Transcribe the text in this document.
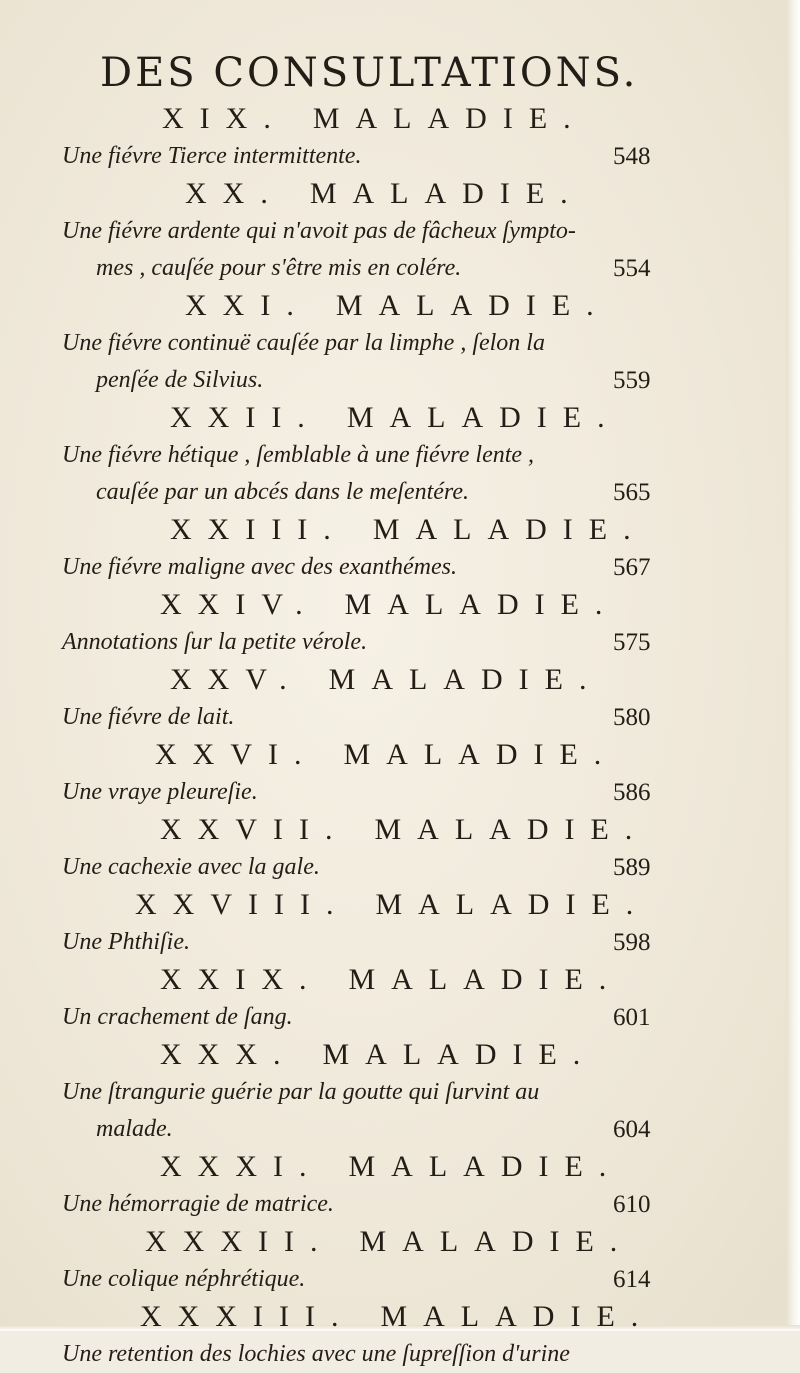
DES CONSULTATIONS.
XIX. MALADIE.
Une fiévre Tierce intermittente.	548
XX. MALADIE.
Une fiévre ardente qui n'avoit pas de fâcheux ſympto-
mes , cauſée pour s'être mis en colére.	554
XXI. MALADIE.
Une fiévre continuë cauſée par la limphe , ſelon la
penſée de Silvius.	559
XXII. MALADIE.
Une fiévre hétique , ſemblable à une fiévre lente ,
cauſée par un abcés dans le meſentére.	565
XXIII. MALADIE.
Une fiévre maligne avec des exanthémes.	567
XXIV. MALADIE.
Annotations ſur la petite vérole.	575
XXV. MALADIE.
Une fiévre de lait.	580
XXVI. MALADIE.
Une vraye pleureſie.	586
XXVII. MALADIE.
Une cachexie avec la gale.	589
XXVIII. MALADIE.
Une Phthiſie.	598
XXIX. MALADIE.
Un crachement de ſang.	601
XXX. MALADIE.
Une ſtrangurie guérie par la goutte qui ſurvint au
malade.	604
XXXI. MALADIE.
Une hémorragie de matrice.	610
XXXII. MALADIE.
Une colique néphrétique.	614
XXXIII. MALADIE.
Une retention des lochies avec une ſupreſſion d'urine
